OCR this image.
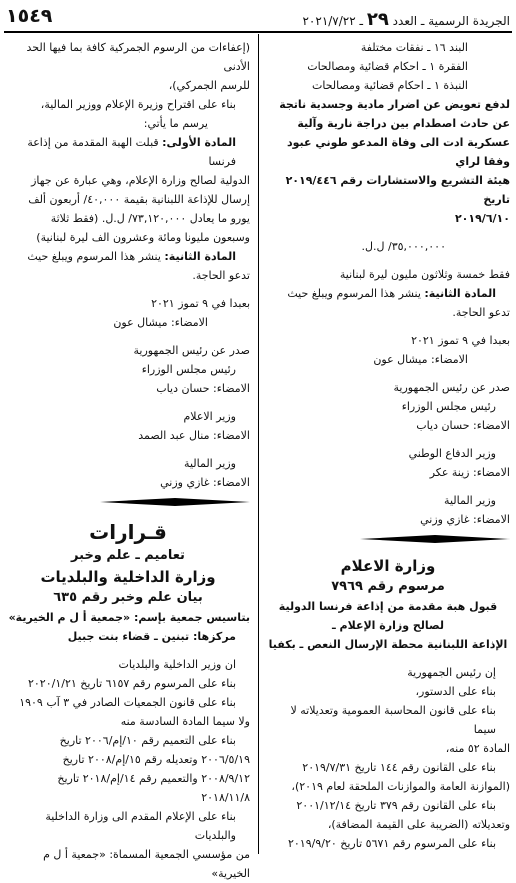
١٥٤٩	الجريدة الرسمية ـ العدد ٢٩ ـ ٢٠٢١/٧/٢٢

البند ١٦ ـ نفقات مختلفة

الفقرة ١ ـ احكام قضائية ومصالحات

النبذة ١ ـ احكام قضائية ومصالحات

لدفع تعويض عن اضرار مادية وجسدية ناتجة

عن حادث اصطدام بين دراجة نارية وآلية

عسكرية ادت الى وفاة المدعو طوني عبود وفقا لراي

هيئة التشريع والاستشارات رقم ٢٠١٩/٤٤٦ تاريخ

٢٠١٩/٦/١٠

٣٥,٠٠٠,٠٠٠/ ل.ل.

فقط خمسة وثلاثون مليون ليرة لبنانية

المادة الثانية: ينشر هذا المرسوم ويبلغ حيث

تدعو الحاجة.

بعبدا في ٩ تموز ٢٠٢١

الامضاء: ميشال عون

صدر عن رئيس الجمهورية

رئيس مجلس الوزراء

الامضاء: حسان دياب

وزير الدفاع الوطني

الامضاء: زينة عكر

وزير المالية

الامضاء: غازي وزني

وزارة الاعلام

مرسوم رقم ٧٩٦٩

قبول هبة مقدمة من إذاعة فرنسا الدولية

لصالح وزارة الإعلام ـ

الإذاعة اللبنانية محطة الإرسال النعص ـ بكفيا

إن رئيس الجمهورية

بناء على الدستور،

بناء على قانون المحاسبة العمومية وتعديلاته لا سيما

المادة ٥٢ منه،

بناء على القانون رقم ١٤٤ تاريخ ٢٠١٩/٧/٣١

(الموازنة العامة والموازنات الملحقة لعام ٢٠١٩)،

بناء على القانون رقم ٣٧٩ تاريخ ٢٠٠١/١٢/١٤

وتعديلاته (الضريبة على القيمة المضافة)،

بناء على المرسوم رقم ٥٦٧١ تاريخ ٢٠١٩/٩/٢٠

(إعفاءات من الرسوم الجمركية كافة بما فيها الحد الأدنى

للرسم الجمركي)،

بناء على اقتراح وزيرة الإعلام ووزير المالية،

يرسم ما يأتي:

المادة الأولى: قبلت الهبة المقدمة من إذاعة فرنسا

الدولية لصالح وزارة الإعلام، وهي عبارة عن جهاز

إرسال للإذاعة اللبنانية بقيمة ٤٠,٠٠٠/ أربعون ألف

يورو ما يعادل ٧٣,١٢٠,٠٠٠/ ل.ل. (فقط ثلاثة

وسبعون مليونا ومائة وعشرون الف ليرة لبنانية)

المادة الثانية: ينشر هذا المرسوم ويبلغ حيث

تدعو الحاجة.

بعبدا في ٩ تموز ٢٠٢١

الامضاء: ميشال عون

صدر عن رئيس الجمهورية

رئيس مجلس الوزراء

الامضاء: حسان دياب

وزير الاعلام

الامضاء: منال عبد الصمد

وزير المالية

الامضاء: غازي وزني

قـرارات

تعاميم ـ علم وخبر

وزارة الداخلية والبلديات

بيان علم وخبر رقم ٦٣٥

بتاسيس جمعية بإسم: «جمعية أ ل م الخيرية»

مركزها: تبنين ـ قضاء بنت جبيل

ان وزير الداخلية والبلديات

بناء على المرسوم رقم ٦١٥٧ تاريخ ٢٠٢٠/١/٢١

بناء على قانون الجمعيات الصادر في ٣ آب ١٩٠٩

ولا سيما المادة السادسة منه

بناء على التعميم رقم ١٠/إم/٢٠٠٦ تاريخ

٢٠٠٦/٥/١٩ وتعديله رقم ١٥/إم/٢٠٠٨ تاريخ

٢٠٠٨/٩/١٢ والتعميم رقم ١٤/إم/٢٠١٨ تاريخ

٢٠١٨/١١/٨

بناء على الإعلام المقدم الى وزارة الداخلية والبلديات

من مؤسسي الجمعية المسماة: «جمعية أ ل م الخيرية»
